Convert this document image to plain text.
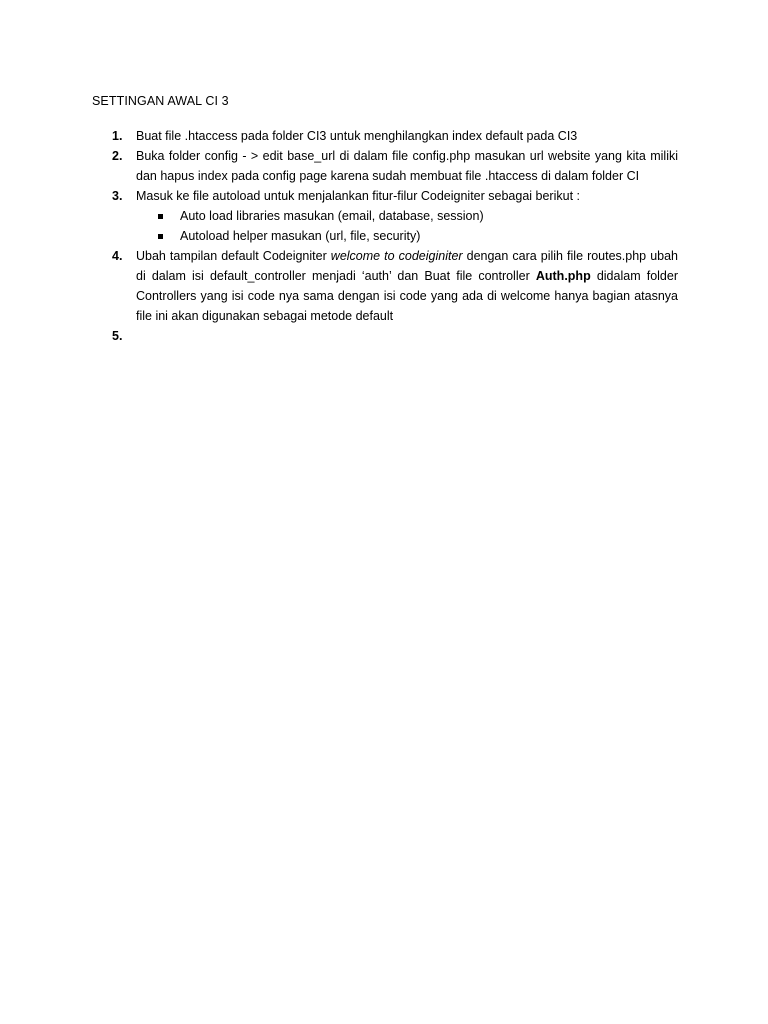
SETTINGAN AWAL CI 3
1. Buat file .htaccess pada folder CI3 untuk menghilangkan index default pada CI3
2. Buka folder config - > edit base_url di dalam file config.php masukan url website yang kita miliki dan hapus index pada config page karena sudah membuat file .htaccess di dalam folder CI
3. Masuk ke file autoload untuk menjalankan fitur-filur Codeigniter sebagai berikut :
Auto load libraries masukan (email, database, session)
Autoload helper masukan (url, file, security)
4. Ubah tampilan default Codeigniter welcome to codeiginiter dengan cara pilih file routes.php ubah di dalam isi default_controller menjadi ‘auth’ dan Buat file controller Auth.php didalam folder Controllers yang isi code nya sama dengan isi code yang ada di welcome hanya bagian atasnya file ini akan digunakan sebagai metode default
5.
